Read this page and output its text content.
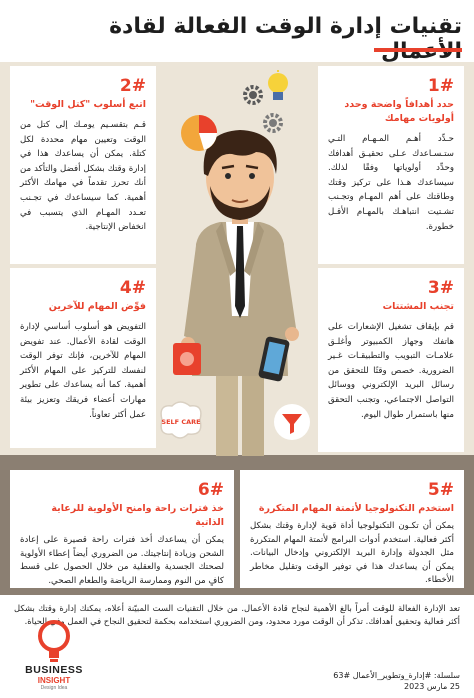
تقنيات إدارة الوقت الفعالة لقادة
1#
حدد أهدافاً واضحة وحدد أولويات مهامك
حـدِّد أهـم المـهـام التـي ستـسـاعدك عـلى تحقيـق أهدافك وحدِّد أولوياتها وفقًا لذلك. سيساعدك هـذا على تركيز وقتك وطاقتك على أهم المهـام وتجـنب تشـتيت انتباهـك بالمهـام الأقـل خطورة.
2#
اتبع أسلوب "كتل الوقت"
قـم بتقسـيم يومـك إلى كتل من الوقت وتعيين مهام محددة لكل كتلة. يمكن أن يساعدك هذا في إدارة وقتك بشكل أفضل والتأكد من أنك تحرز تقدماً في مهامك الأكثر أهمية. كما سيساعدك في تجـنب تعـدد المهـام الذي يتسبب في انخفاض الإنتاجية.
3#
تجنب المشتتات
قم بإيقاف تشغيل الإشعارات على هاتفك وجهاز الكمبيوتر وأغلـق علامـات التبويب والتطبيقـات غـير الضرورية. خصص وقتًا للتحقق من رسائل البريد الإلكتروني ووسائل التواصل الاجتماعي، وتجنب التحقق منها باستمرار طوال اليوم.
4#
فوِّض المهام للآخرين
التفويض هو أسلوب أساسي لإدارة الوقت لقادة الأعمال. عند تفويض المهام للآخرين، فإنك توفر الوقت لنفسك للتركيز على المهام الأكثر أهمية. كما أنه يساعدك على تطوير مهارات أعضاء فريقك وتعزيز بيئة عمل أكثر تعاوناً.
5#
استخدم التكنولوجيا لأتمتة المهام المتكررة
يمكن أن تكـون التكنولوجيا أداة قوية لإدارة وقتك بشكل أكثر فعالية. استخدم أدوات البرامج لأتمتة المهام المتكررة مثل الجدولة وإدارة البريد الإلكتروني وإدخال البيانات. يمكن أن يساعدك هذا في توفير الوقت وتقليل مخاطر الأخطاء.
6#
خذ فترات راحة وامنح الأولوية للرعاية الذاتية
يمكن أن يساعدك أخذ فترات راحة قصيرة على إعادة الشحن وزيادة إنتاجيتك. من الضروري أيضاً إعطاء الأولوية لصحتك الجسدية والعقلية من خلال الحصول على قسط كافٍ من النوم وممارسة الرياضة والطعام الصحي.
SELF CARE
تعد الإدارة الفعالة للوقت أمراً بالغ الأهمية لنجاح قادة الأعمال. من خلال التقنيات الست المبيّنة أعلاه، يمكنك إدارة وقتك بشكل أكثر فعالية وتحقيق أهدافك. تذكر أن الوقت مورد محدود، ومن الضروري استخدامه بحكمة لتحقيق النجاح في العمل وفي الحياة.
سلسلة: #إدارة_وتطوير_الأعمال #63
25 مارس 2023
BUSINESS
INSIGHT
Design Idea
